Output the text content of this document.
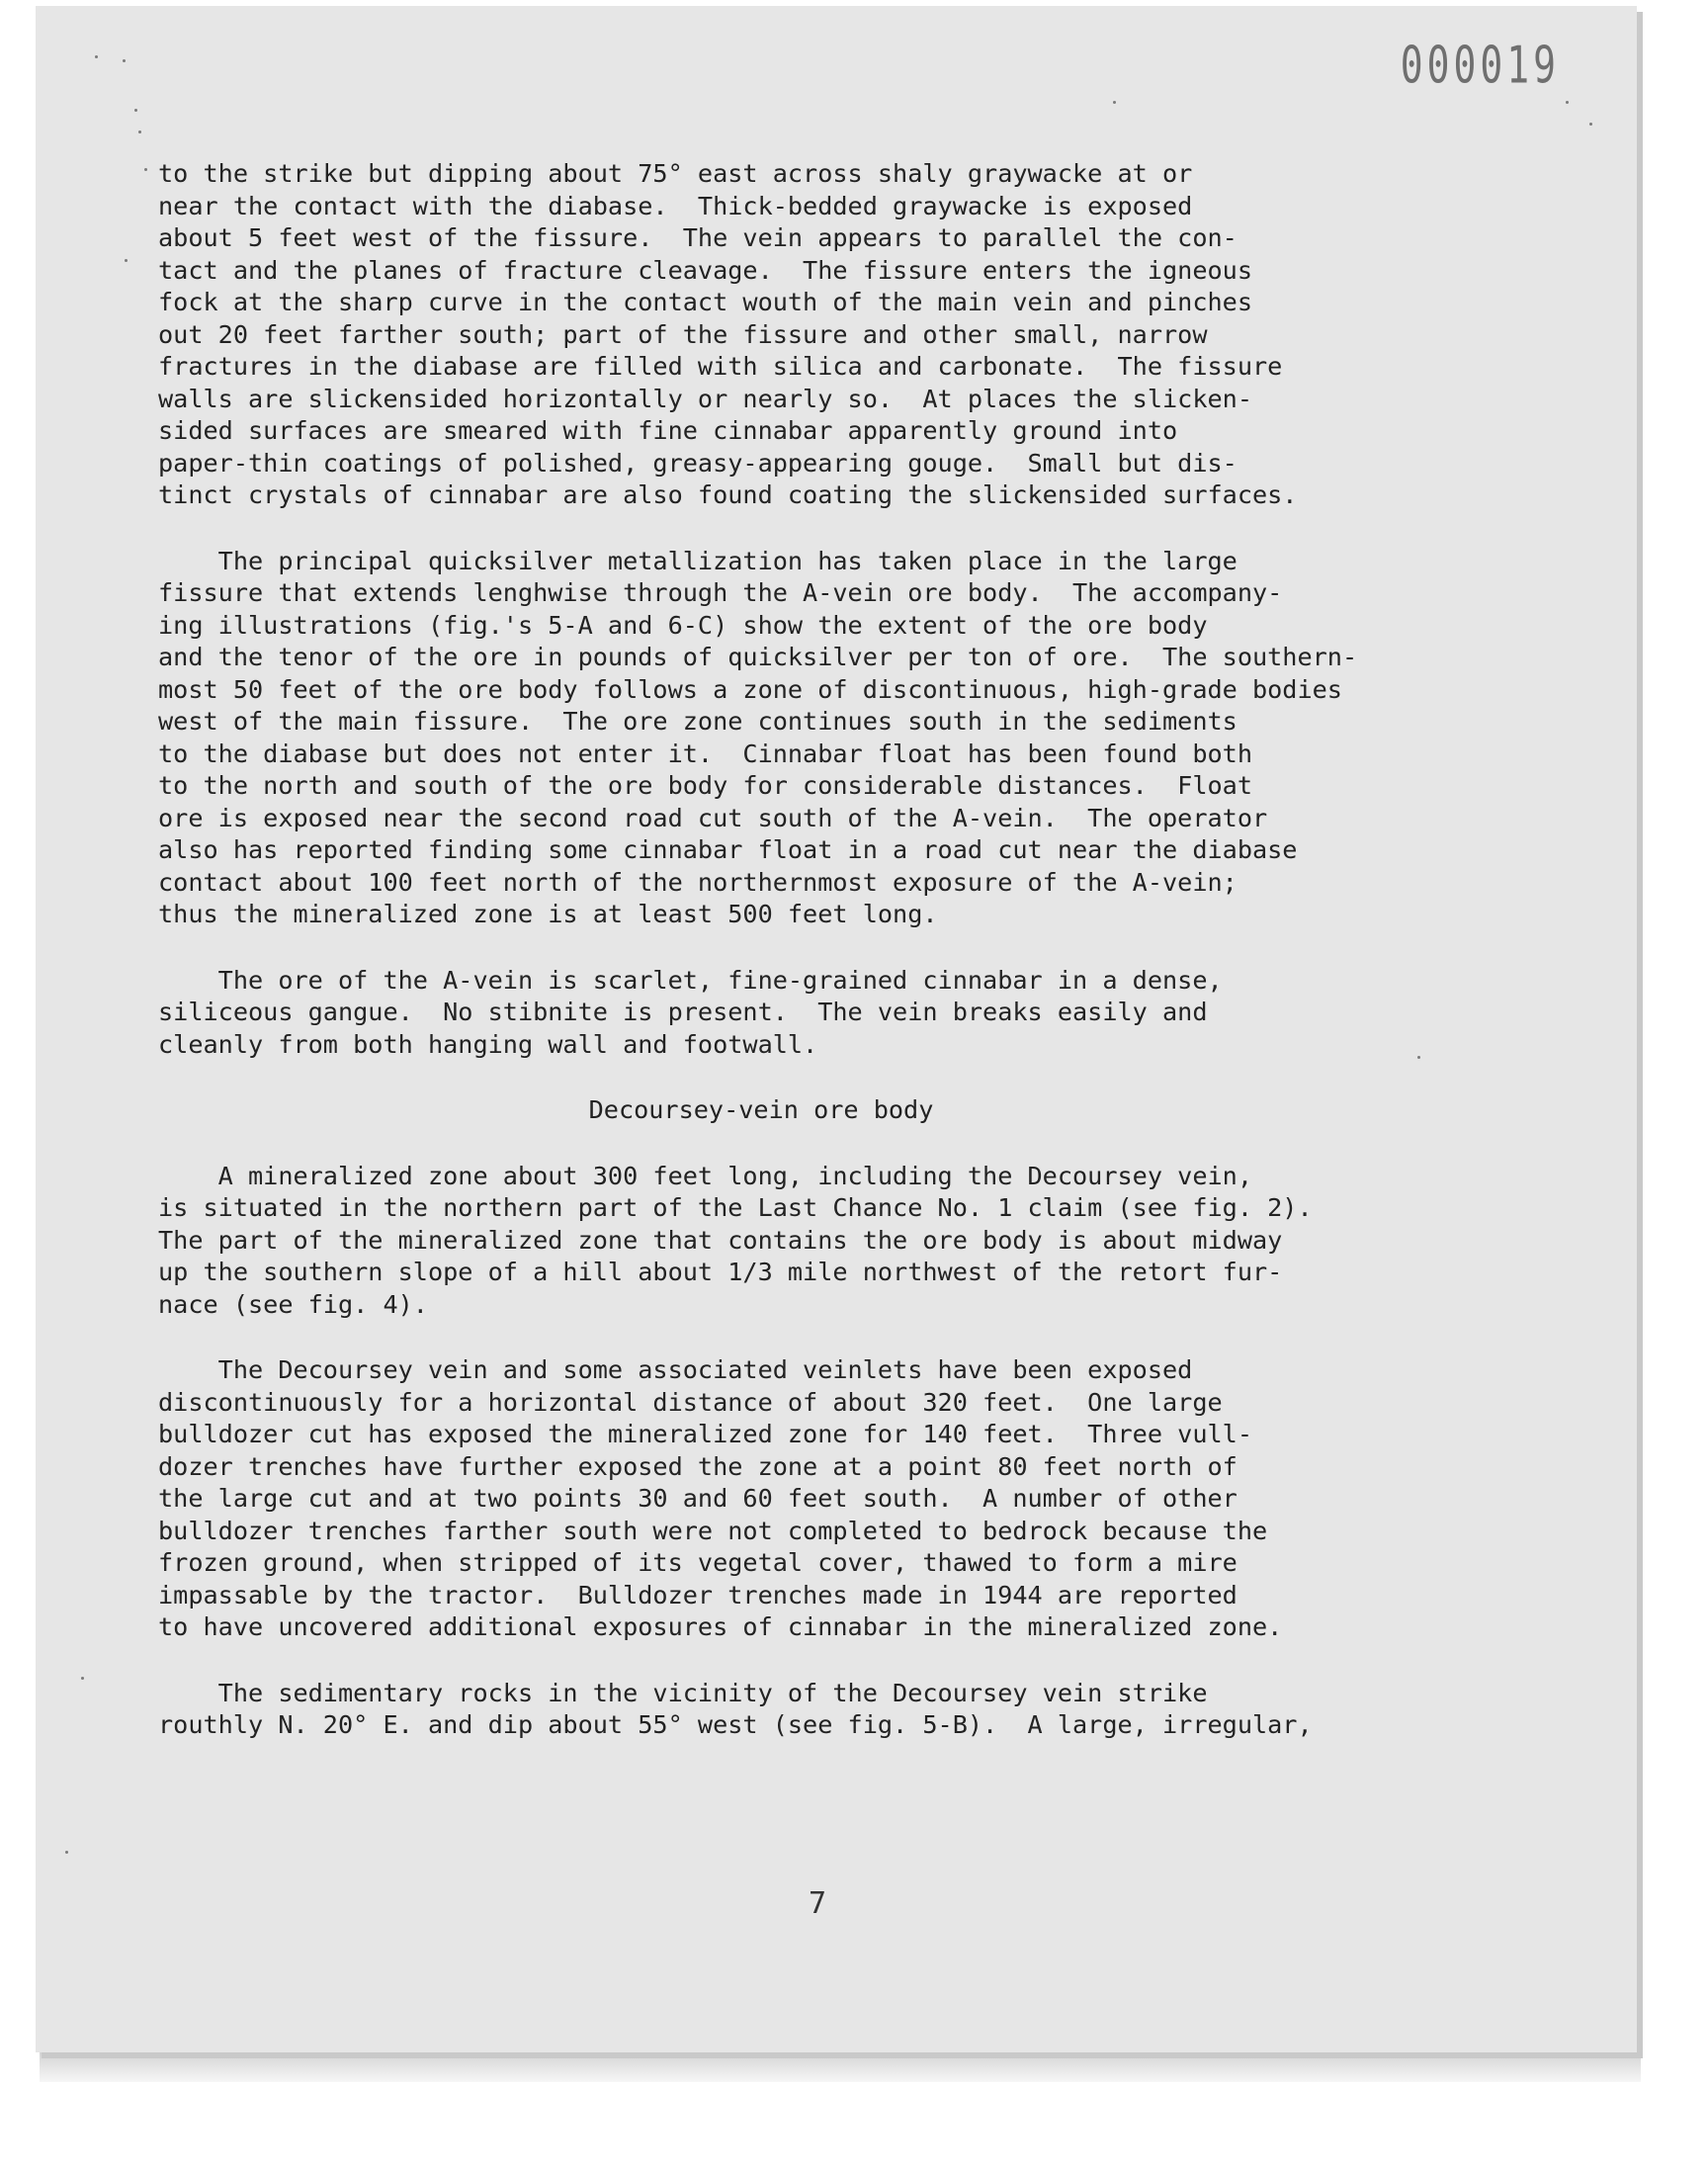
000019
to the strike but dipping about 75° east across shaly graywacke at or
near the contact with the diabase.  Thick-bedded graywacke is exposed
about 5 feet west of the fissure.  The vein appears to parallel the con-
tact and the planes of fracture cleavage.  The fissure enters the igneous
fock at the sharp curve in the contact wouth of the main vein and pinches
out 20 feet farther south; part of the fissure and other small, narrow
fractures in the diabase are filled with silica and carbonate.  The fissure
walls are slickensided horizontally or nearly so.  At places the slicken-
sided surfaces are smeared with fine cinnabar apparently ground into
paper-thin coatings of polished, greasy-appearing gouge.  Small but dis-
tinct crystals of cinnabar are also found coating the slickensided surfaces.
The principal quicksilver metallization has taken place in the large
fissure that extends lenghwise through the A-vein ore body.  The accompany-
ing illustrations (fig.'s 5-A and 6-C) show the extent of the ore body
and the tenor of the ore in pounds of quicksilver per ton of ore.  The southern-
most 50 feet of the ore body follows a zone of discontinuous, high-grade bodies
west of the main fissure.  The ore zone continues south in the sediments
to the diabase but does not enter it.  Cinnabar float has been found both
to the north and south of the ore body for considerable distances.  Float
ore is exposed near the second road cut south of the A-vein.  The operator
also has reported finding some cinnabar float in a road cut near the diabase
contact about 100 feet north of the northernmost exposure of the A-vein;
thus the mineralized zone is at least 500 feet long.
The ore of the A-vein is scarlet, fine-grained cinnabar in a dense,
siliceous gangue.  No stibnite is present.  The vein breaks easily and
cleanly from both hanging wall and footwall.
Decoursey-vein ore body
A mineralized zone about 300 feet long, including the Decoursey vein,
is situated in the northern part of the Last Chance No. 1 claim (see fig. 2).
The part of the mineralized zone that contains the ore body is about midway
up the southern slope of a hill about 1/3 mile northwest of the retort fur-
nace (see fig. 4).
The Decoursey vein and some associated veinlets have been exposed
discontinuously for a horizontal distance of about 320 feet.  One large
bulldozer cut has exposed the mineralized zone for 140 feet.  Three vull-
dozer trenches have further exposed the zone at a point 80 feet north of
the large cut and at two points 30 and 60 feet south.  A number of other
bulldozer trenches farther south were not completed to bedrock because the
frozen ground, when stripped of its vegetal cover, thawed to form a mire
impassable by the tractor.  Bulldozer trenches made in 1944 are reported
to have uncovered additional exposures of cinnabar in the mineralized zone.
The sedimentary rocks in the vicinity of the Decoursey vein strike
routhly N. 20° E. and dip about 55° west (see fig. 5-B).  A large, irregular,
7
